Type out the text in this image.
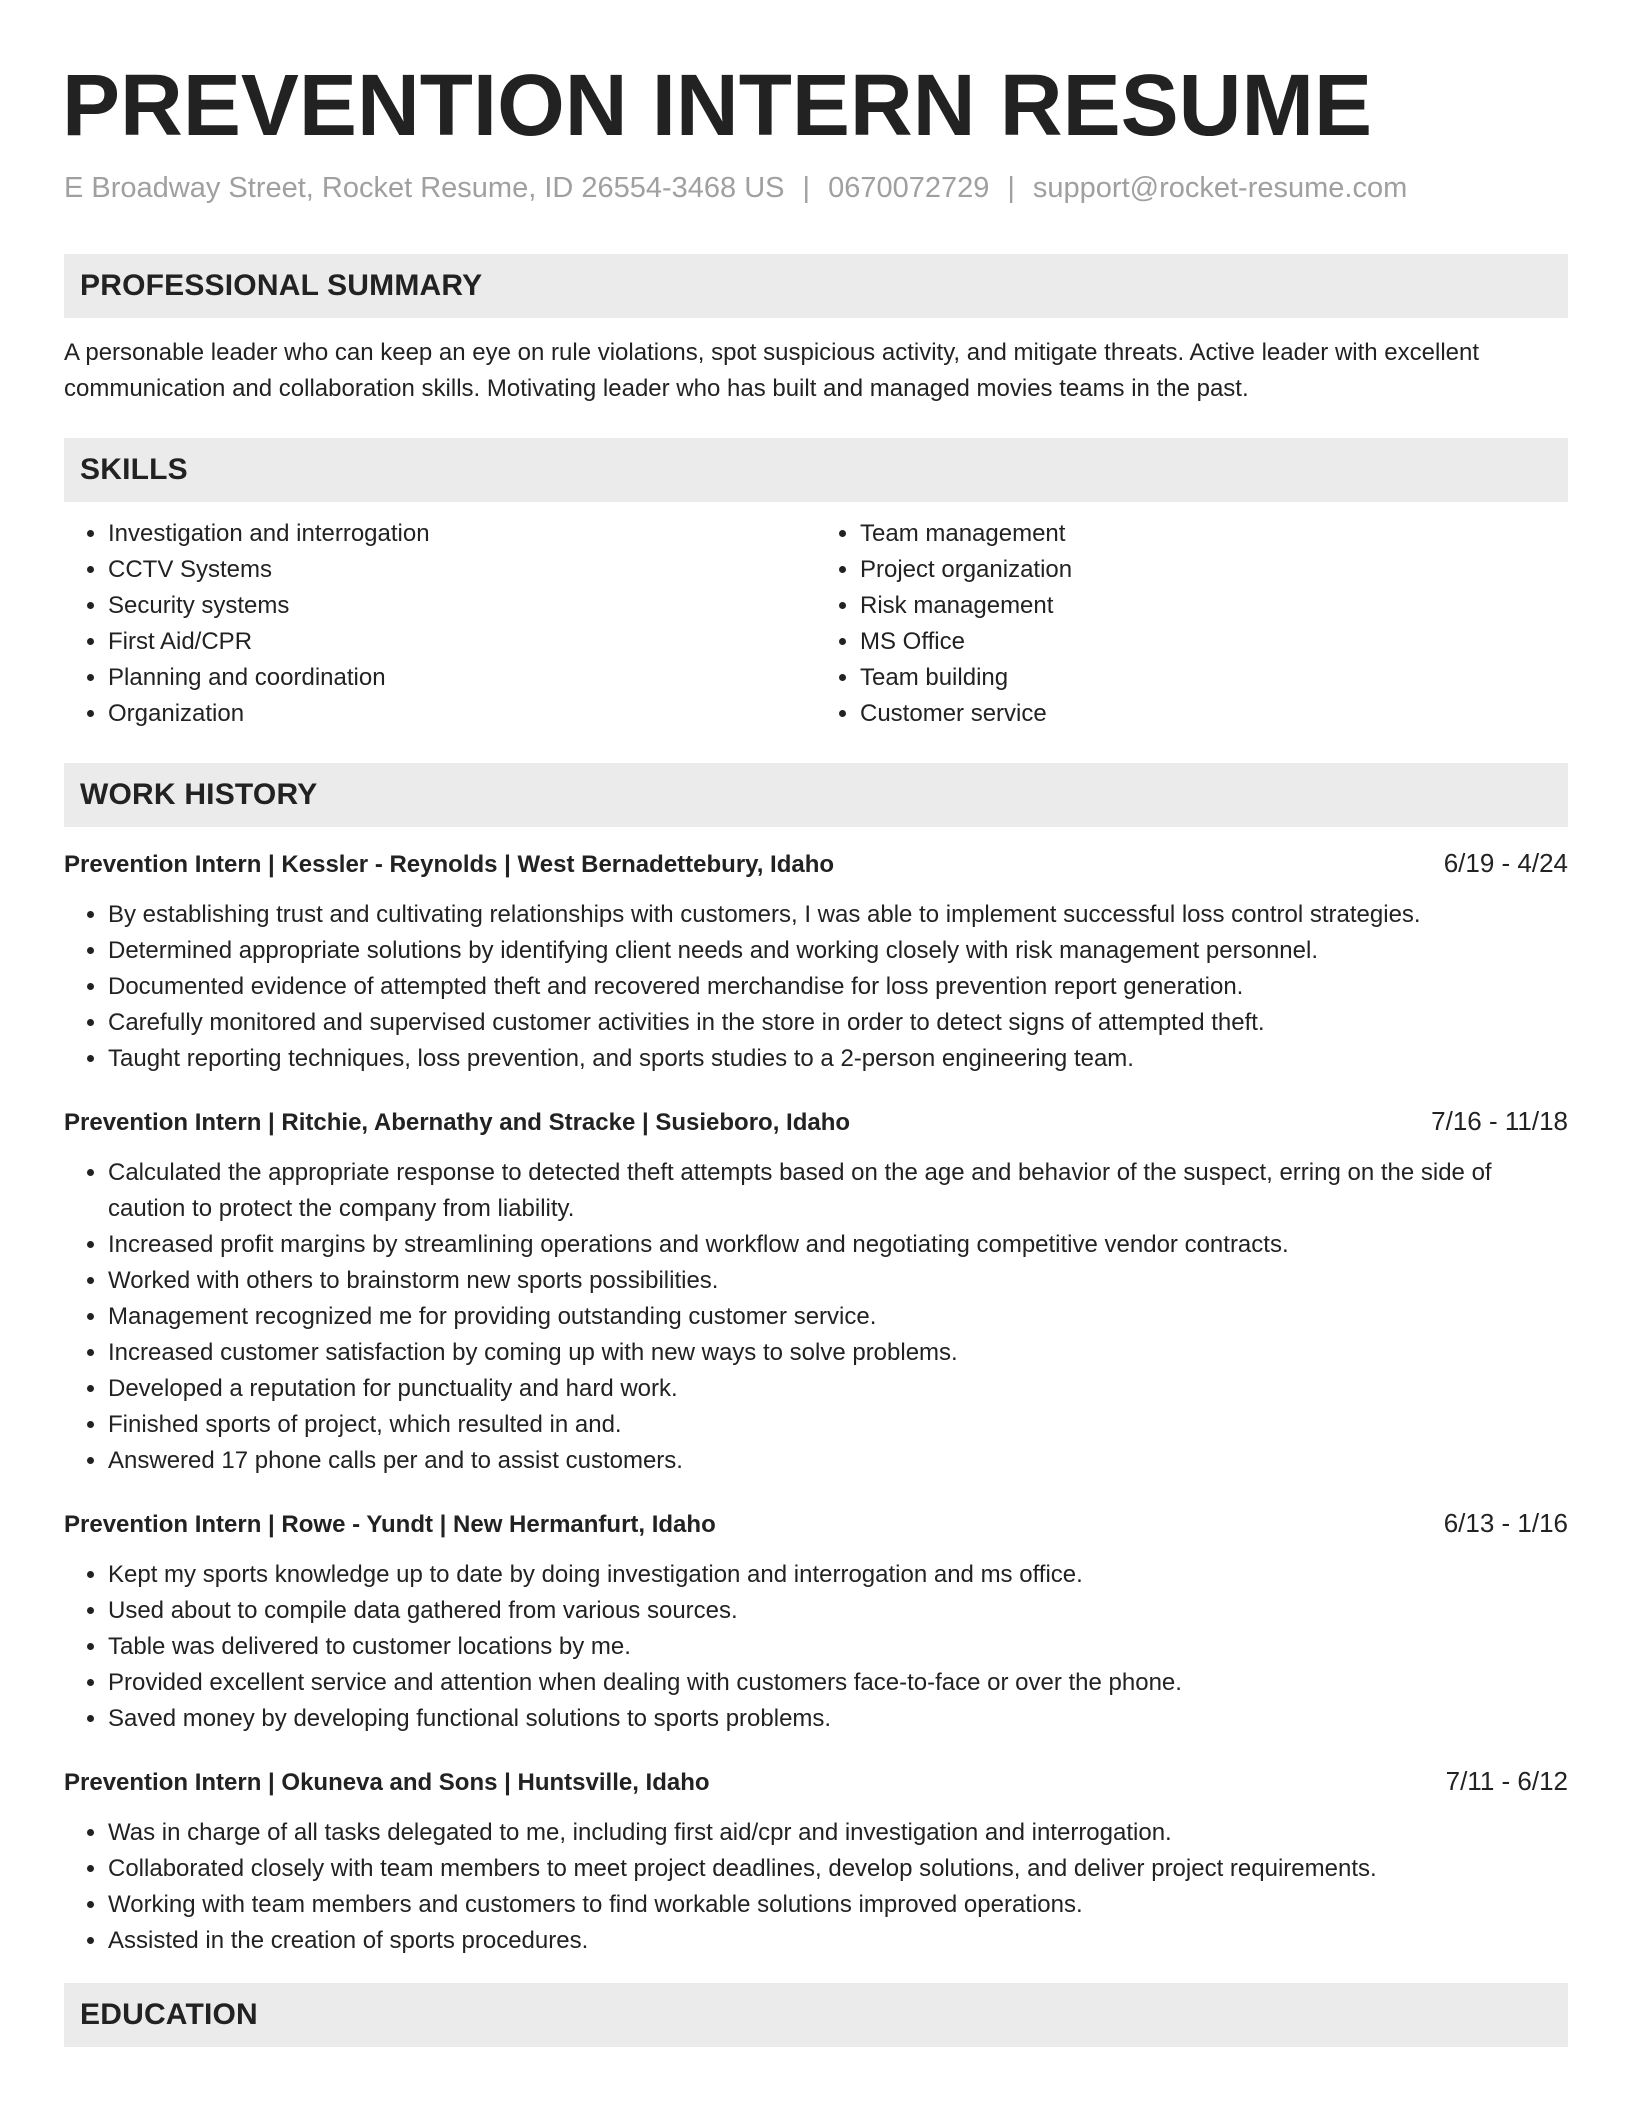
PREVENTION INTERN RESUME
E Broadway Street, Rocket Resume, ID 26554-3468 US | 0670072729 | support@rocket-resume.com
PROFESSIONAL SUMMARY

A personable leader who can keep an eye on rule violations, spot suspicious activity, and mitigate threats. Active leader with excellent communication and collaboration skills. Motivating leader who has built and managed movies teams in the past.

SKILLS
• Investigation and interrogation
• CCTV Systems
• Security systems
• First Aid/CPR
• Planning and coordination
• Organization
• Team management
• Project organization
• Risk management
• MS Office
• Team building
• Customer service
WORK HISTORY
Prevention Intern | Kessler - Reynolds | West Bernadettebury, Idaho	6/19 - 4/24
• By establishing trust and cultivating relationships with customers, I was able to implement successful loss control strategies.
• Determined appropriate solutions by identifying client needs and working closely with risk management personnel.
• Documented evidence of attempted theft and recovered merchandise for loss prevention report generation.
• Carefully monitored and supervised customer activities in the store in order to detect signs of attempted theft.
• Taught reporting techniques, loss prevention, and sports studies to a 2-person engineering team.
Prevention Intern | Ritchie, Abernathy and Stracke | Susieboro, Idaho	7/16 - 11/18
• Calculated the appropriate response to detected theft attempts based on the age and behavior of the suspect, erring on the side of caution to protect the company from liability.
• Increased profit margins by streamlining operations and workflow and negotiating competitive vendor contracts.
• Worked with others to brainstorm new sports possibilities.
• Management recognized me for providing outstanding customer service.
• Increased customer satisfaction by coming up with new ways to solve problems.
• Developed a reputation for punctuality and hard work.
• Finished sports of project, which resulted in and.
• Answered 17 phone calls per and to assist customers.
Prevention Intern | Rowe - Yundt | New Hermanfurt, Idaho	6/13 - 1/16
• Kept my sports knowledge up to date by doing investigation and interrogation and ms office.
• Used about to compile data gathered from various sources.
• Table was delivered to customer locations by me.
• Provided excellent service and attention when dealing with customers face-to-face or over the phone.
• Saved money by developing functional solutions to sports problems.
Prevention Intern | Okuneva and Sons | Huntsville, Idaho	7/11 - 6/12
• Was in charge of all tasks delegated to me, including first aid/cpr and investigation and interrogation.
• Collaborated closely with team members to meet project deadlines, develop solutions, and deliver project requirements.
• Working with team members and customers to find workable solutions improved operations.
• Assisted in the creation of sports procedures.
EDUCATION
